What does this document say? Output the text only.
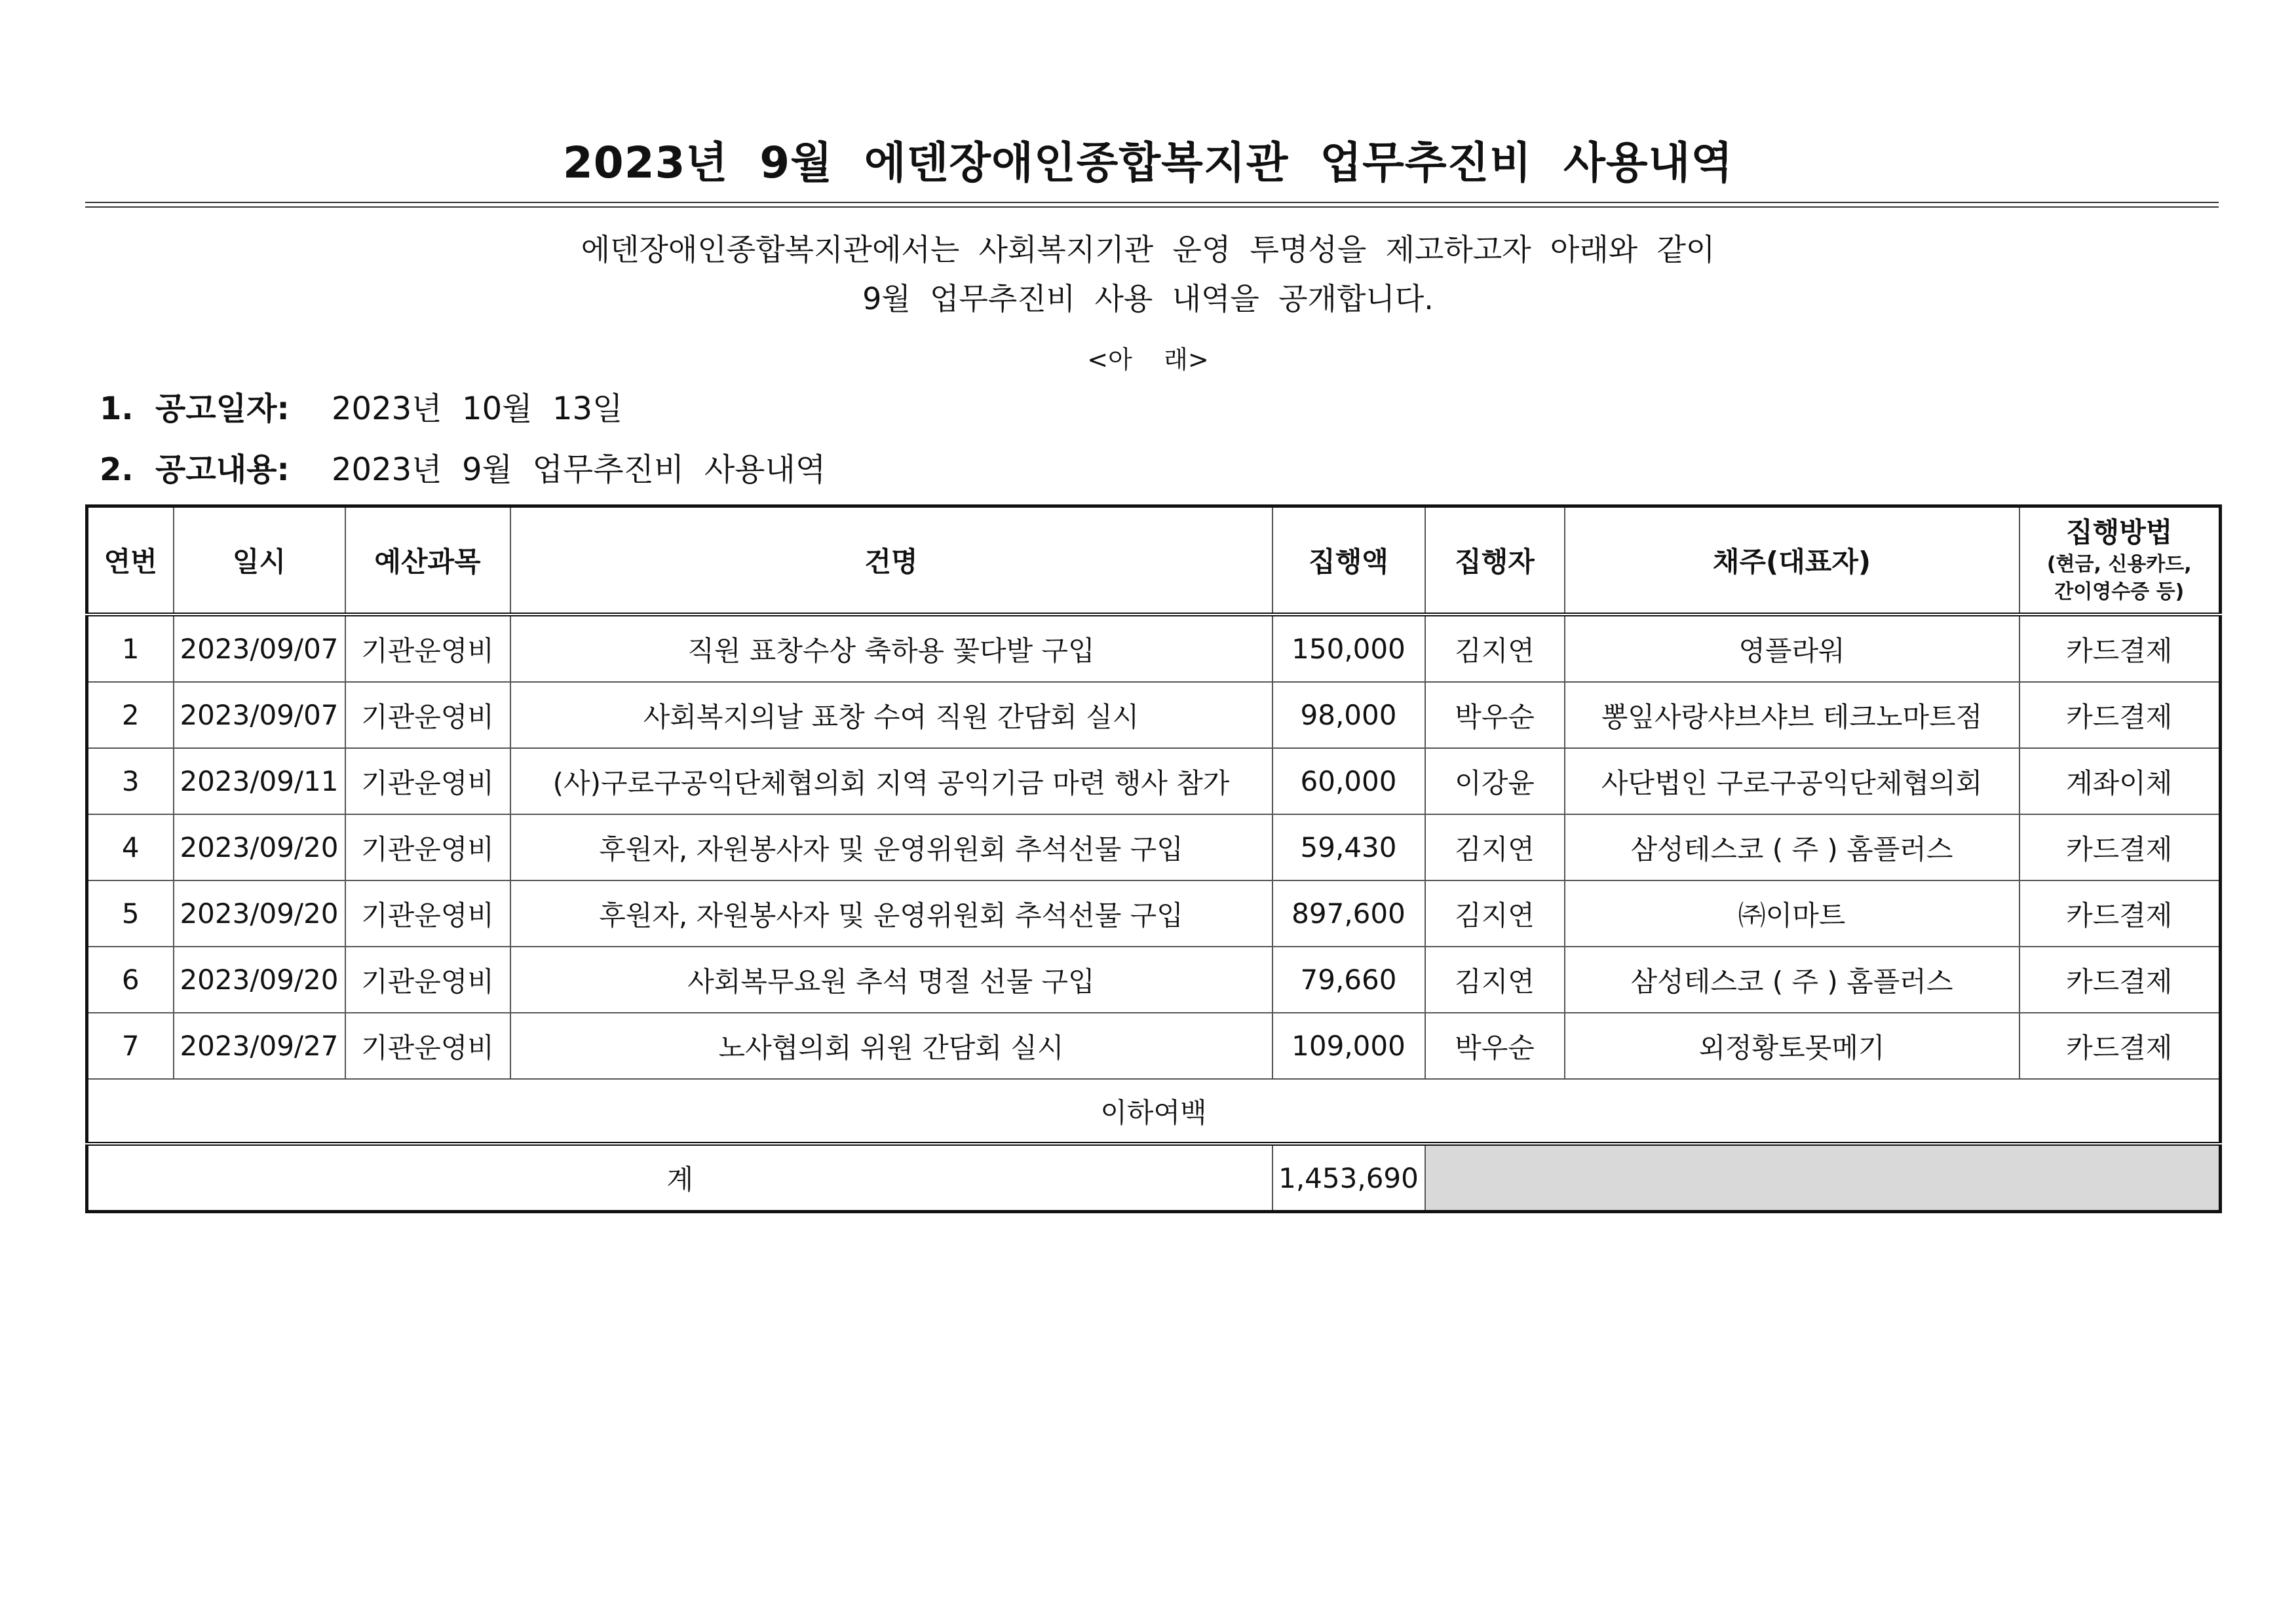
2023년  9월  에덴장애인종합복지관  업무추진비  사용내역
에덴장애인종합복지관에서는  사회복지기관  운영  투명성을  제고하고자  아래와  같이
9월  업무추진비  사용  내역을  공개합니다.
<아    래>
1.  공고일자: 2023년  10월  13일
2.  공고내용: 2023년  9월  업무추진비  사용내역
연번	일시	예산과목	건명	집행액	집행자	채주(대표자)	집행방법
(현금, 신용카드,
간이영수증 등)

1	2023/09/07	기관운영비	직원 표창수상 축하용 꽃다발 구입	150,000	김지연	영플라워	카드결제
2	2023/09/07	기관운영비	사회복지의날 표창 수여 직원 간담회 실시	98,000	박우순	뽕잎사랑샤브샤브 테크노마트점	카드결제
3	2023/09/11	기관운영비	(사)구로구공익단체협의회 지역 공익기금 마련 행사 참가	60,000	이강윤	사단법인 구로구공익단체협의회	계좌이체
4	2023/09/20	기관운영비	후원자, 자원봉사자 및 운영위원회 추석선물 구입	59,430	김지연	삼성테스코 ( 주 ) 홈플러스	카드결제
5	2023/09/20	기관운영비	후원자, 자원봉사자 및 운영위원회 추석선물 구입	897,600	김지연	㈜이마트	카드결제
6	2023/09/20	기관운영비	사회복무요원 추석 명절 선물 구입	79,660	김지연	삼성테스코 ( 주 ) 홈플러스	카드결제
7	2023/09/27	기관운영비	노사협의회 위원 간담회 실시	109,000	박우순	외정황토못메기	카드결제
이하여백							
계				1,453,690			
